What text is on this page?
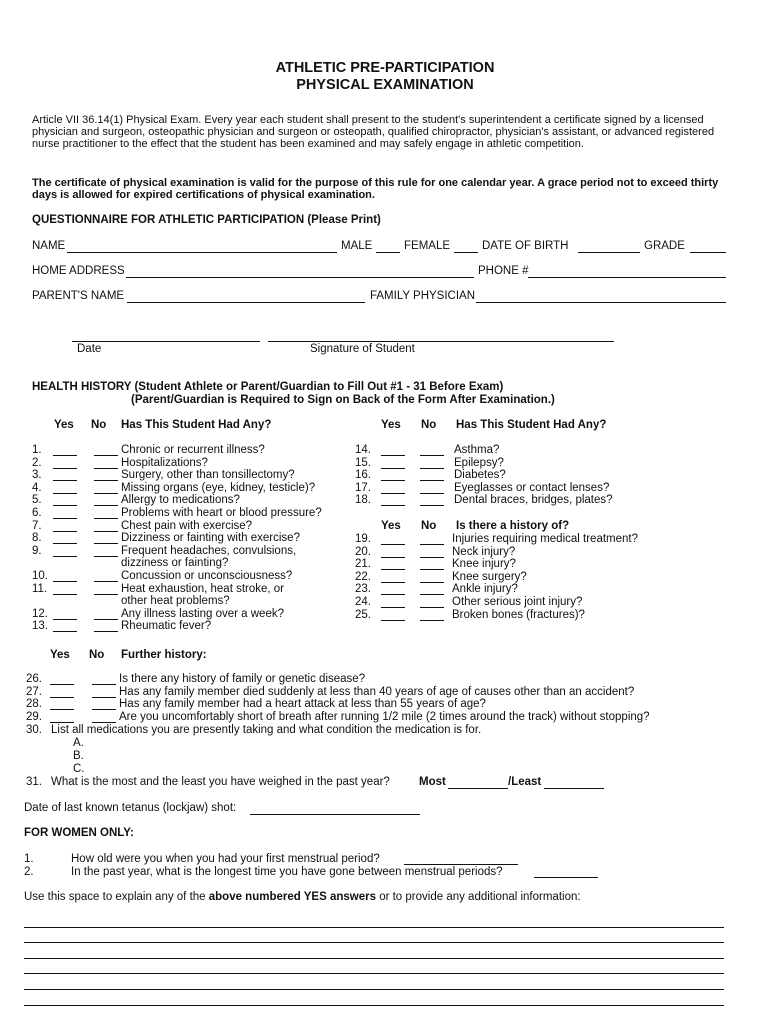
ATHLETIC PRE-PARTICIPATION
PHYSICAL EXAMINATION
Article VII 36.14(1) Physical Exam. Every year each student shall present to the student's superintendent a certificate signed by a licensed physician and surgeon, osteopathic physician and surgeon or osteopath, qualified chiropractor, physician's assistant, or advanced registered nurse practitioner to the effect that the student has been examined and may safely engage in athletic competition.
The certificate of physical examination is valid for the purpose of this rule for one calendar year. A grace period not to exceed thirty days is allowed for expired certifications of physical examination.
QUESTIONNAIRE FOR ATHLETIC PARTICIPATION (Please Print)
NAME	MALE	FEMALE	DATE OF BIRTH	GRADE
HOME ADDRESS	PHONE #
PARENT'S NAME	FAMILY PHYSICIAN
Date	Signature of Student
HEALTH HISTORY (Student Athlete or Parent/Guardian to Fill Out #1 - 31 Before Exam)
(Parent/Guardian is Required to Sign on Back of the Form After Examination.)
Yes No Has This Student Had Any?	Yes No Has This Student Had Any?
1.	Chronic or recurrent illness?
2.	Hospitalizations?
3.	Surgery, other than tonsillectomy?
4.	Missing organs (eye, kidney, testicle)?
5.	Allergy to medications?
6.	Problems with heart or blood pressure?
7.	Chest pain with exercise?
8.	Dizziness or fainting with exercise?
9.	Frequent headaches, convulsions,
dizziness or fainting?
10.	Concussion or unconsciousness?
11.	Heat exhaustion, heat stroke, or
other heat problems?
12.	Any illness lasting over a week?
13.	Rheumatic fever?
14.	Asthma?
15.	Epilepsy?
16.	Diabetes?
17.	Eyeglasses or contact lenses?
18.	Dental braces, bridges, plates?
Yes No Is there a history of?
19.	Injuries requiring medical treatment?
20.	Neck injury?
21.	Knee injury?
22.	Knee surgery?
23.	Ankle injury?
24.	Other serious joint injury?
25.	Broken bones (fractures)?
Yes No Further history:
26.	Is there any history of family or genetic disease?
27.	Has any family member died suddenly at less than 40 years of age of causes other than an accident?
28.	Has any family member had a heart attack at less than 55 years of age?
29.	Are you uncomfortably short of breath after running 1/2 mile (2 times around the track) without stopping?
30. List all medications you are presently taking and what condition the medication is for.
A.
B.
C.
31. What is the most and the least you have weighed in the past year?	Most	/Least
Date of last known tetanus (lockjaw) shot:
FOR WOMEN ONLY:
1.	How old were you when you had your first menstrual period?
2.	In the past year, what is the longest time you have gone between menstrual periods?
Use this space to explain any of the above numbered YES answers or to provide any additional information:
